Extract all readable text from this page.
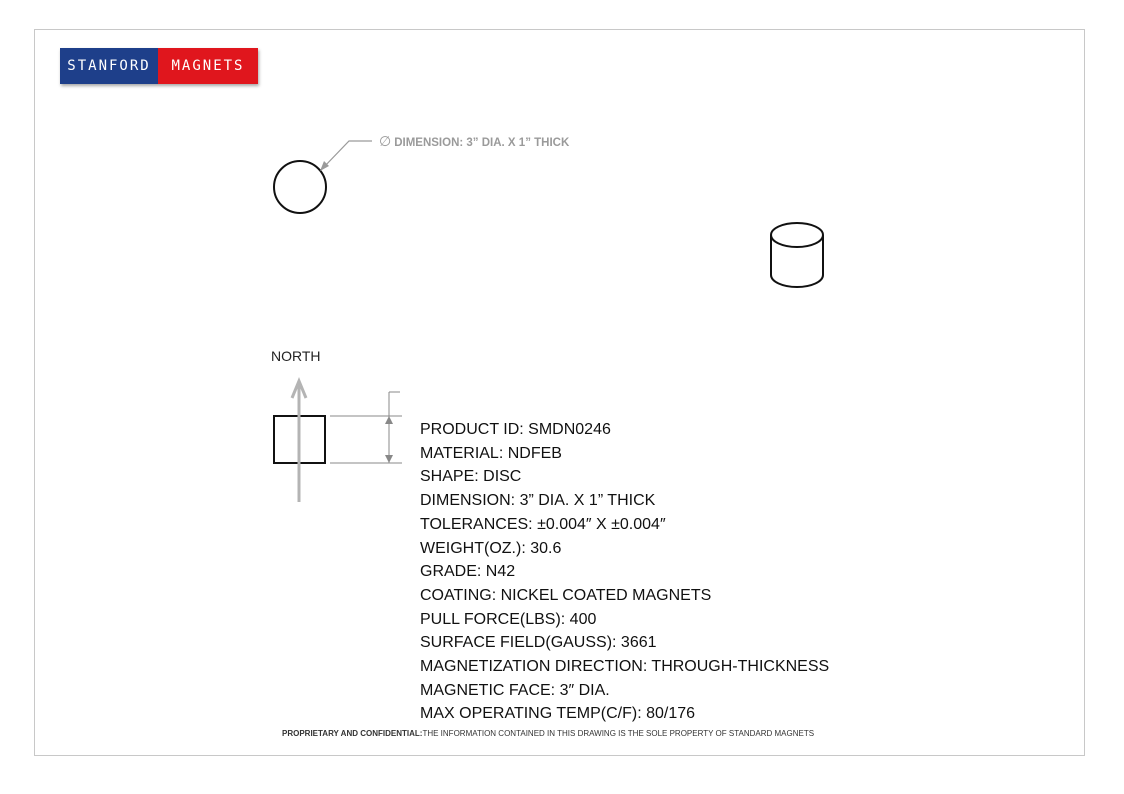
STANFORD	MAGNETS
∅ DIMENSION: 3” DIA. X 1” THICK
NORTH
PRODUCT ID: SMDN0246
MATERIAL: NDFEB
SHAPE: DISC
DIMENSION: 3” DIA. X 1” THICK
TOLERANCES: ±0.004″ X ±0.004″
WEIGHT(OZ.): 30.6
GRADE: N42
COATING: NICKEL COATED MAGNETS
PULL FORCE(LBS): 400
SURFACE FIELD(GAUSS): 3661
MAGNETIZATION DIRECTION: THROUGH-THICKNESS
MAGNETIC FACE: 3″ DIA.
MAX OPERATING TEMP(C/F): 80/176
PROPRIETARY AND CONFIDENTIAL:THE INFORMATION CONTAINED IN THIS DRAWING IS THE SOLE PROPERTY OF STANDARD MAGNETS
